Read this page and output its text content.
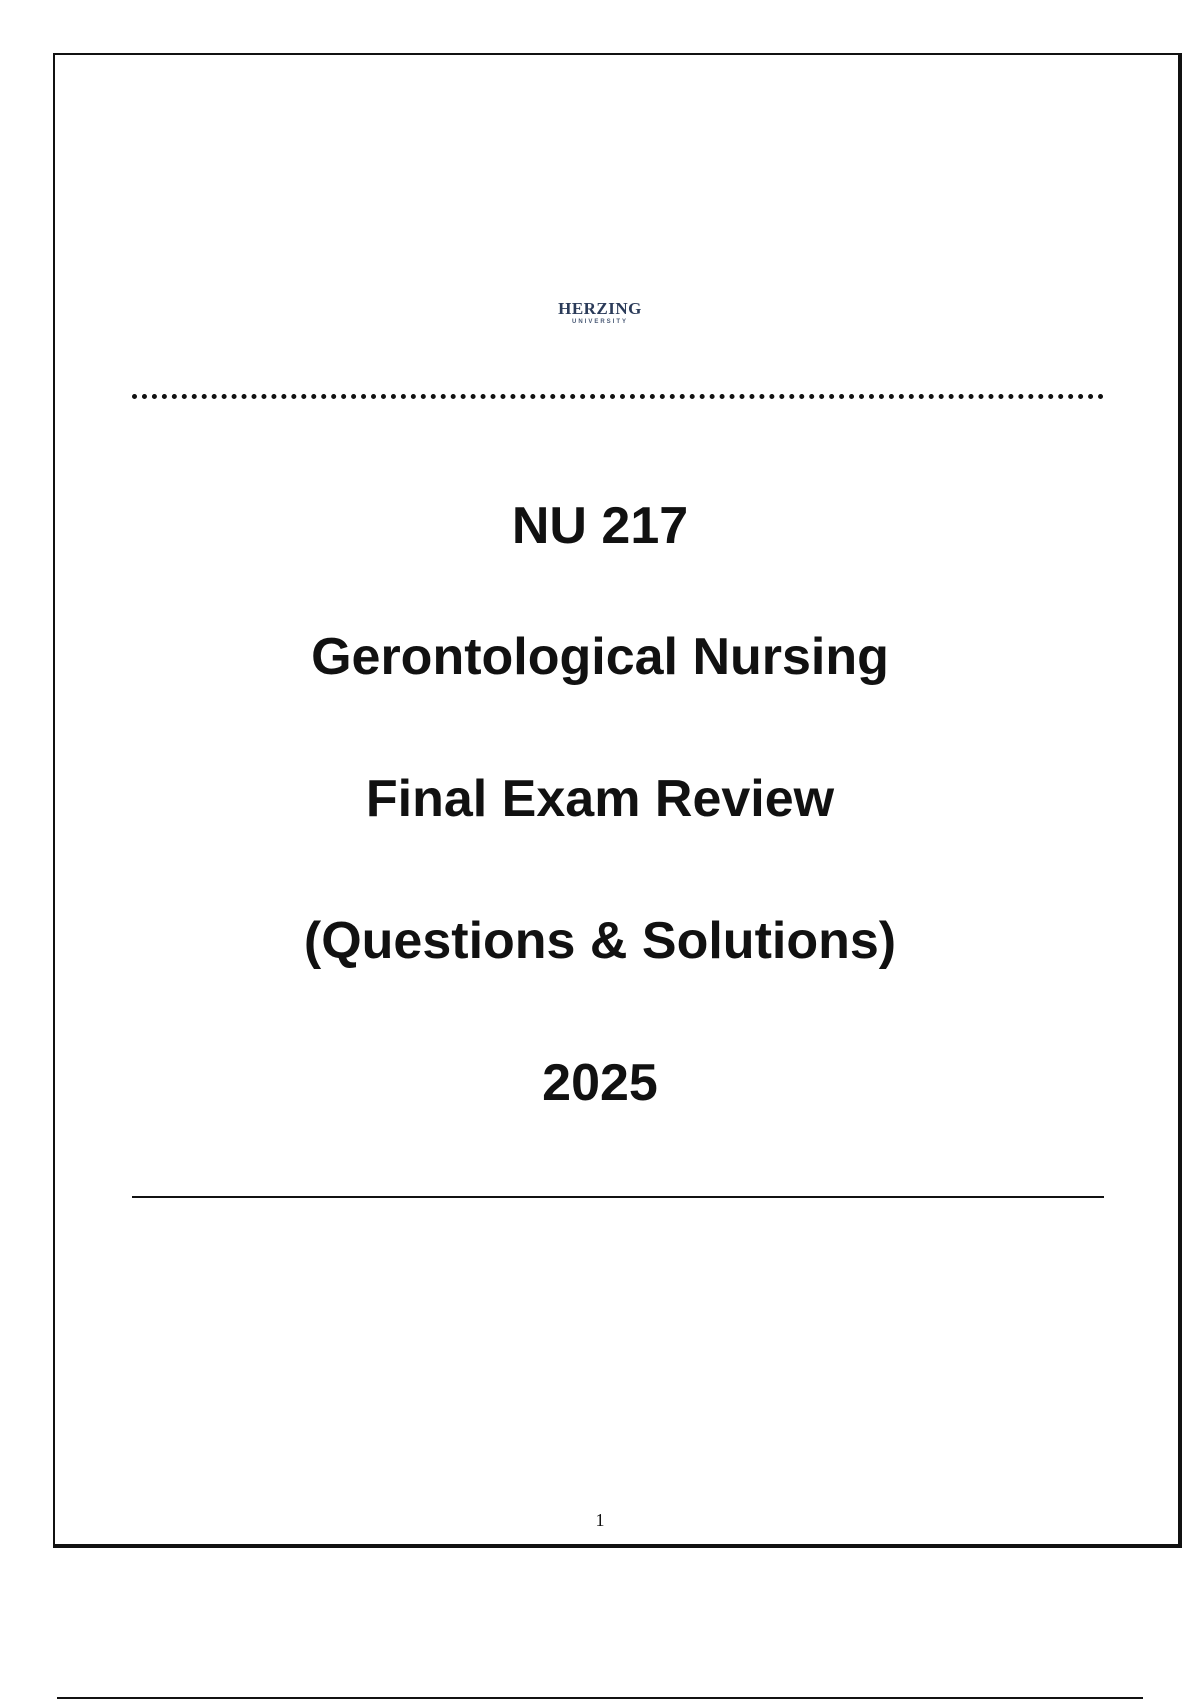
HERZING
UNIVERSITY
NU 217
Gerontological Nursing
Final Exam Review
(Questions & Solutions)
2025
1
